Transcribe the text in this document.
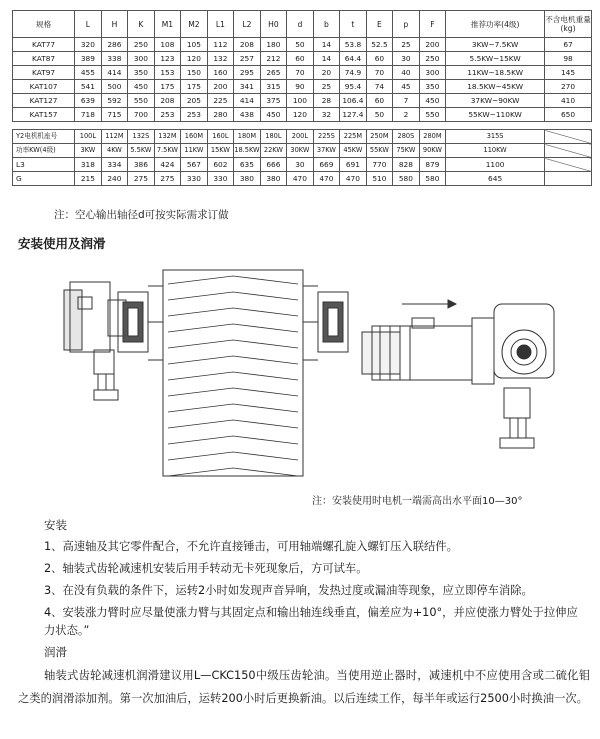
规格	L	H	K	M1	M2	L1	L2	H0	d	b	t	E	p	F	推荐功率(4级)	不含电机重量(kg)
KAT77	320	286	250	108	105	112	208	180	50	14	53.8	52.5	25	200	3KW~7.5KW	67
KAT87	389	338	300	123	120	132	257	212	60	14	64.4	60	30	250	5.5KW~15KW	98
KAT97	455	414	350	153	150	160	295	265	70	20	74.9	70	40	300	11KW~18.5KW	145
KAT107	541	500	450	175	175	200	341	315	90	25	95.4	74	45	350	18.5KW~45KW	270
KAT127	639	592	550	208	205	225	414	375	100	28	106.4	60	7	450	37KW~90KW	410
KAT157	718	715	700	253	253	280	438	450	120	32	127.4	50	2	550	55KW~110KW	650

Y2电机机座号	100L	112M	132S	132M	160M	160L	180M	180L	200L	225S	225M	250M	280S	280M	315S	
功率KW(4级)	3KW	4KW	5.5KW	7.5KW	11KW	15KW	18.5KW	22KW	30KW	37KW	45KW	55KW	75KW	90KW	110KW	
L3	318	334	386	424	567	602	635	666	30	669	691	770	828	879	1100	
G	215	240	275	275	330	330	380	380	470	470	470	510	580	580	645	
注：空心输出轴径d可按实际需求订做
安装使用及润滑
注：安装使用时电机一端需高出水平面10—30°
安装
1、高速轴及其它零件配合，不允许直接锤击，可用轴端螺孔旋入螺钉压入联结件。
2、轴装式齿轮减速机安装后用手转动无卡死现象后，方可试车。
3、在没有负载的条件下，运转2小时如发现声音异响，发热过度或漏油等现象，应立即停车消除。
4、安装涨力臂时应尽量使涨力臂与其固定点和输出轴连线垂直，偏差应为+10°，并应使涨力臂处于拉伸应力状态。”
润滑
轴装式齿轮减速机润滑建议用L—CKC150中级压齿轮油。当使用逆止器时，减速机中不应使用含或二硫化钼之类的润滑添加剂。第一次加油后，运转200小时后更换新油。以后连续工作，每半年或运行2500小时换油一次。
